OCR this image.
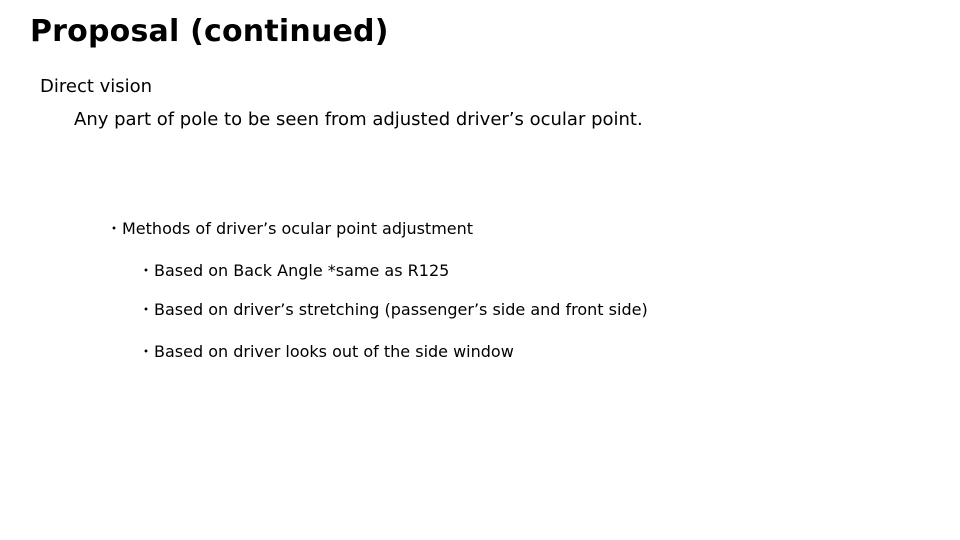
Proposal (continued)
Direct vision
Any part of pole to be seen from adjusted driver’s ocular point.
・Methods of driver’s ocular point adjustment
・Based on Back Angle *same as R125
・Based on driver’s stretching (passenger’s side and front side)
・Based on driver looks out of the side window
